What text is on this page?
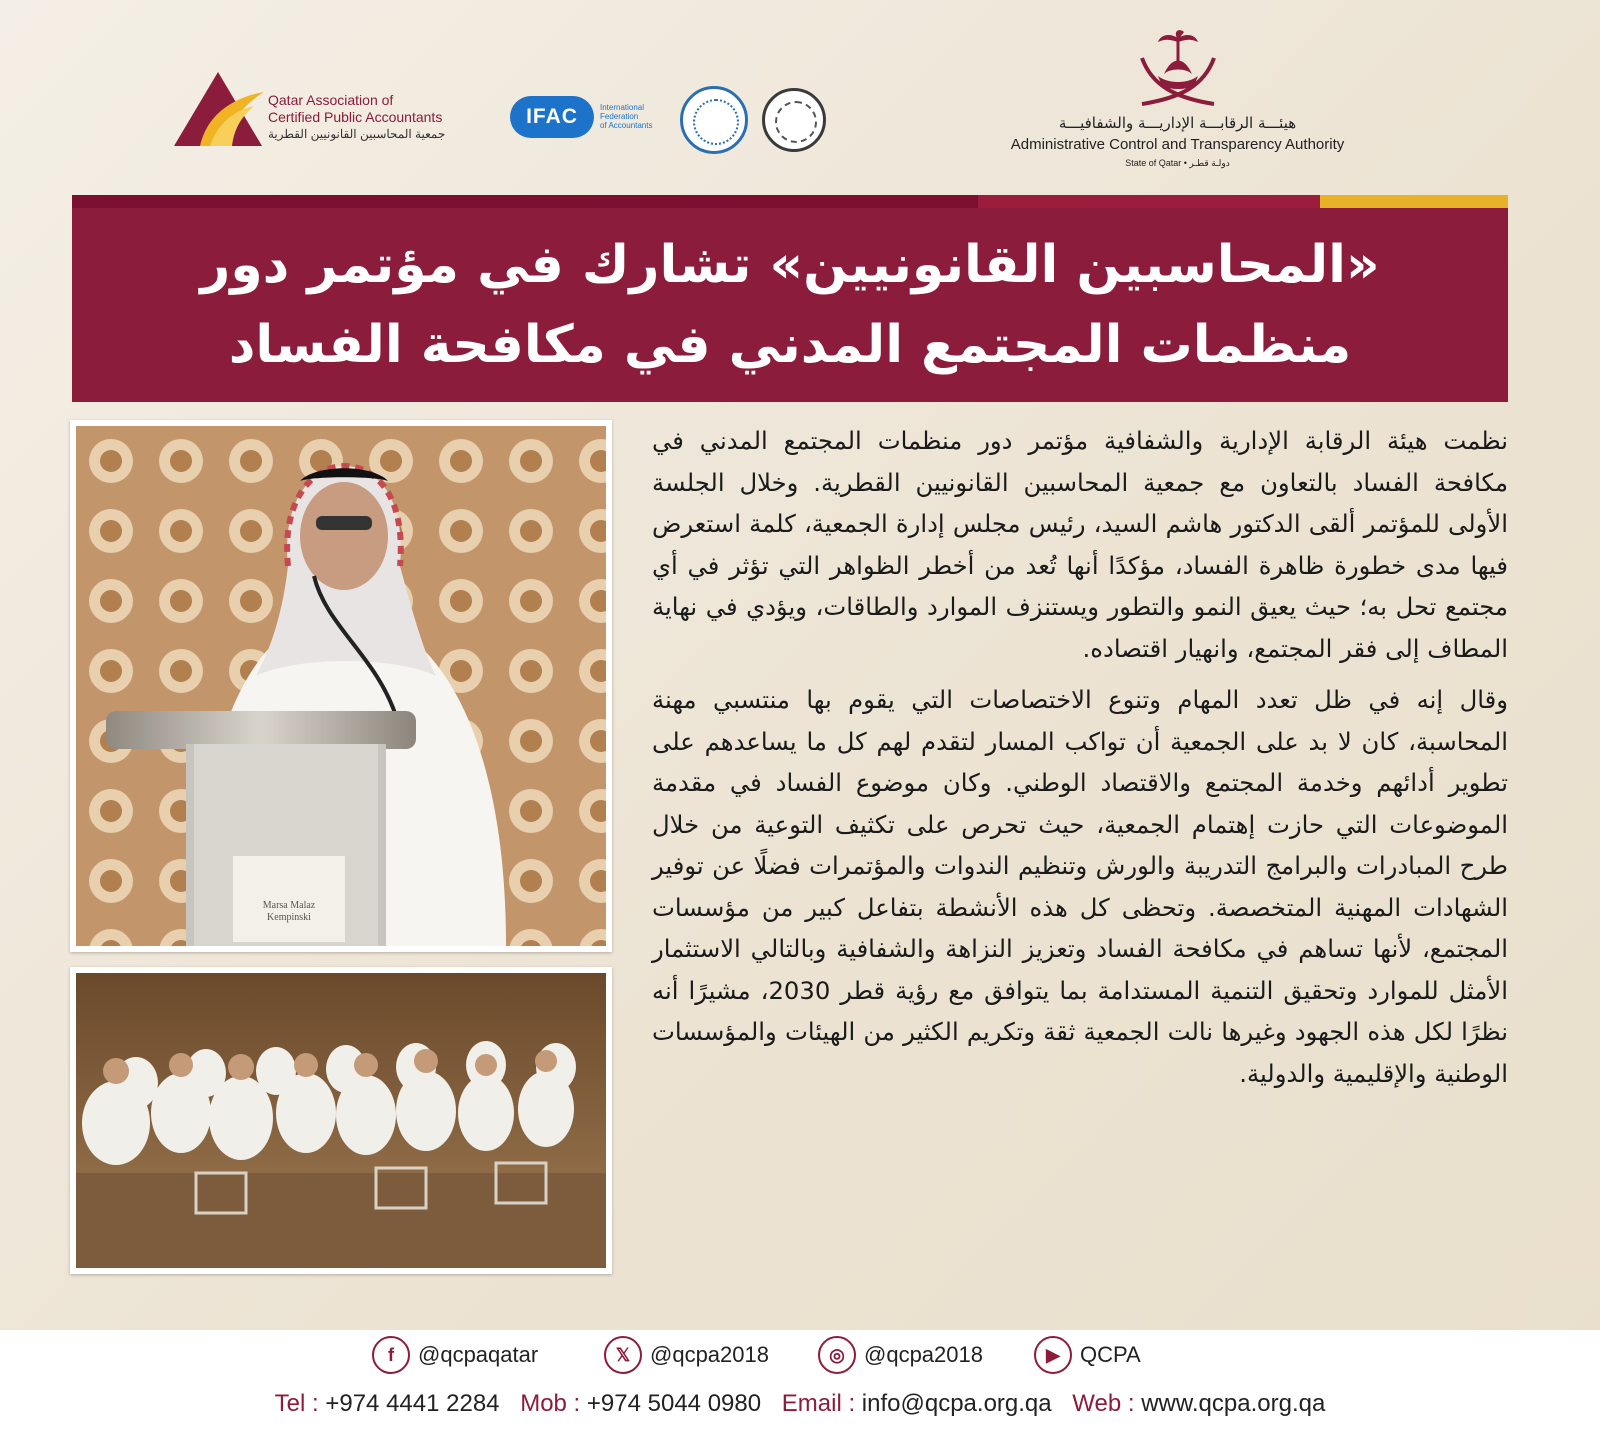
Qatar Association of
Certified Public Accountants
جمعية المحاسبين القانونيين القطرية
IFAC	International
Federation
of Accountants	هيئـــة الرقابـــة الإداريـــة والشفافيـــة
Administrative Control and Transparency Authority
State of Qatar • دولـة قطـر
«المحاسبين القانونيين» تشارك في مؤتمر دور
منظمات المجتمع المدني في مكافحة الفساد
Marsa Malaz
Kempinski

نظمت هيئة الرقابة الإدارية والشفافية مؤتمر دور منظمات المجتمع المدني في مكافحة الفساد بالتعاون مع جمعية المحاسبين القانونيين القطرية. وخلال الجلسة الأولى للمؤتمر ألقى الدكتور هاشم السيد، رئيس مجلس إدارة الجمعية، كلمة استعرض فيها مدى خطورة ظاهرة الفساد، مؤكدًا أنها تُعد من أخطر الظواهر التي تؤثر في أي مجتمع تحل به؛ حيث يعيق النمو والتطور ويستنزف الموارد والطاقات، ويؤدي في نهاية المطاف إلى فقر المجتمع، وانهيار اقتصاده.

وقال إنه في ظل تعدد المهام وتنوع الاختصاصات التي يقوم بها منتسبي مهنة المحاسبة، كان لا بد على الجمعية أن تواكب المسار لتقدم لهم كل ما يساعدهم على تطوير أدائهم وخدمة المجتمع والاقتصاد الوطني. وكان موضوع الفساد في مقدمة الموضوعات التي حازت إهتمام الجمعية، حيث تحرص على تكثيف التوعية من خلال طرح المبادرات والبرامج التدريبة والورش وتنظيم الندوات والمؤتمرات فضلًا عن توفير الشهادات المهنية المتخصصة. وتحظى كل هذه الأنشطة بتفاعل كبير من مؤسسات المجتمع، لأنها تساهم في مكافحة الفساد وتعزيز النزاهة والشفافية وبالتالي الاستثمار الأمثل للموارد وتحقيق التنمية المستدامة بما يتوافق مع رؤية قطر 2030، مشيرًا أنه نظرًا لكل هذه الجهود وغيرها نالت الجمعية ثقة وتكريم الكثير من الهيئات والمؤسسات الوطنية والإقليمية والدولية.

f	@qcpaqatar	𝕏 @qcpa2018	◎ @qcpa2018	▶ QCPA
Tel : +974 4441 2284 Mob : +974 5044 0980 Email : info@qcpa.org.qa Web : www.qcpa.org.qa
